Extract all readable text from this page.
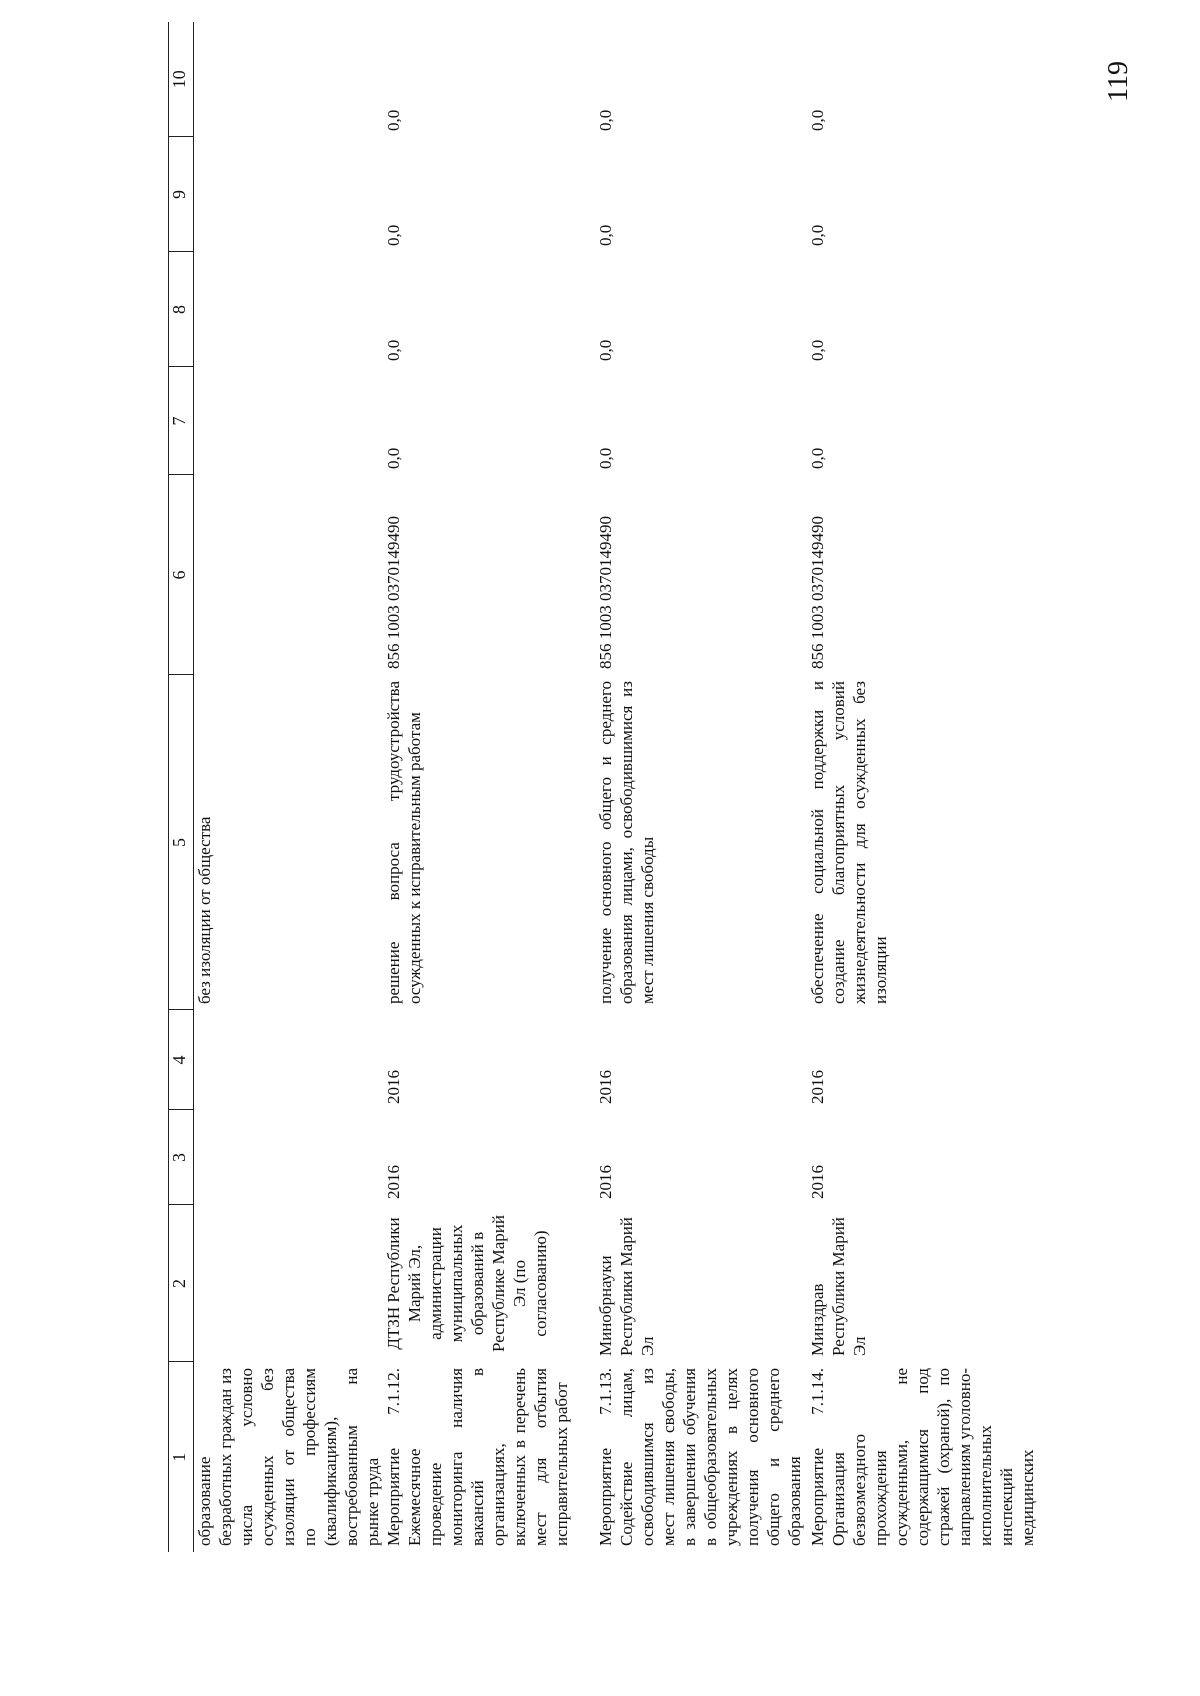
119
1	2	3	4	5	6	7	8	9	10
образование безработных граждан из числа условно осужденных без изоляции от общества по профессиям (квалификациям), востребованным на рынке труда				без изоляции от общества					
Мероприятие 7.1.12. Ежемесячное проведение мониторинга наличия вакансий в организациях, включенных в перечень мест для отбытия исправительных работ	ДТЗН Республики Марий Эл, администрации муниципальных образований в Республике Марий Эл (по согласованию)	2016	2016	решение вопроса трудоустройства осужденных к исправительным работам	856 1003 0370149490	0,0	0,0	0,0	0,0
Мероприятие 7.1.13. Содействие лицам, освободившимся из мест лишения свободы, в завершении обучения в общеобразовательных учреждениях в целях получения основного общего и среднего образования	Минобрнауки Республики Марий Эл	2016	2016	получение основного общего и среднего образования лицами, освободившимися из мест лишения свободы	856 1003 0370149490	0,0	0,0	0,0	0,0
Мероприятие 7.1.14. Организация безвозмездного прохождения осужденными, не содержащимися под стражей (охраной), по направлениям уголовно-исполнительных инспекций медицинских	Минздрав Республики Марий Эл	2016	2016	обеспечение социальной поддержки и создание благоприятных условий жизнедеятельности для осужденных без изоляции	856 1003 0370149490	0,0	0,0	0,0	0,0
